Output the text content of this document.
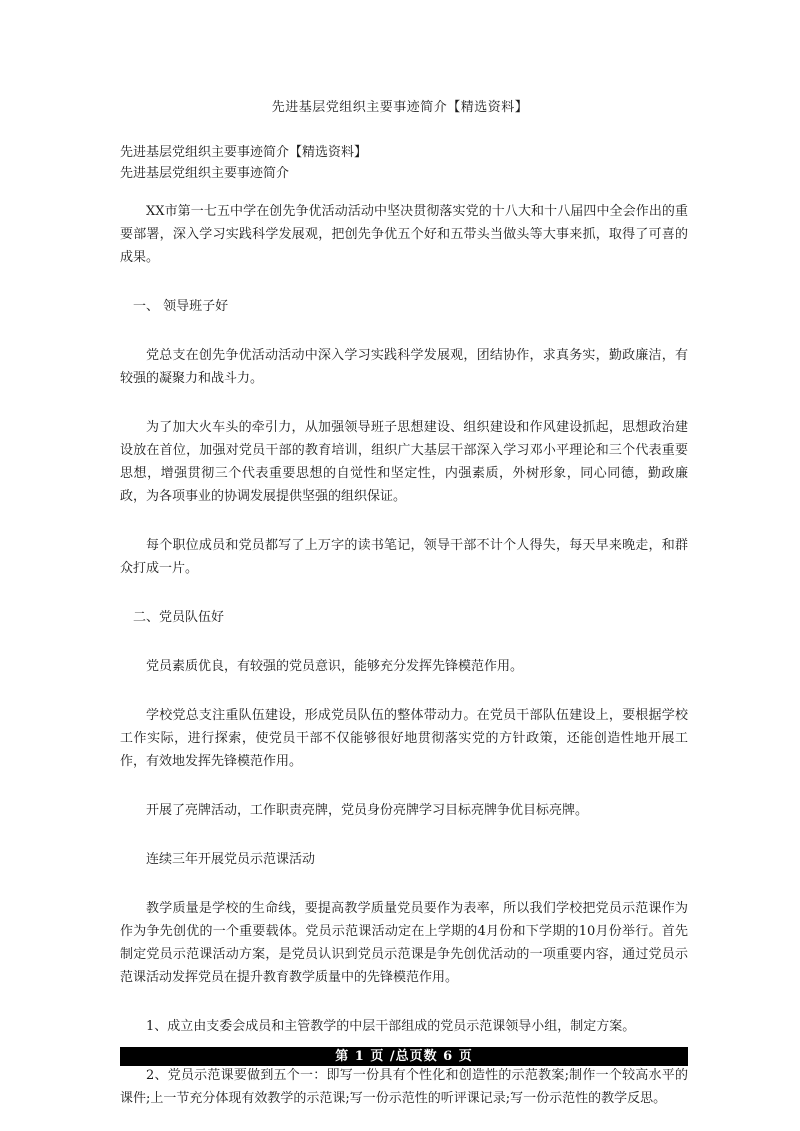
先进基层党组织主要事迹简介【精选资料】
先进基层党组织主要事迹简介【精选资料】
先进基层党组织主要事迹简介

XX市第一七五中学在创先争优活动活动中坚决贯彻落实党的十八大和十八届四中全会作出的重要部署，深入学习实践科学发展观，把创先争优五个好和五带头当做头等大事来抓，取得了可喜的成果。

一、 领导班子好

党总支在创先争优活动活动中深入学习实践科学发展观，团结协作，求真务实，勤政廉洁，有较强的凝聚力和战斗力。

为了加大火车头的牵引力，从加强领导班子思想建设、组织建设和作风建设抓起，思想政治建设放在首位，加强对党员干部的教育培训，组织广大基层干部深入学习邓小平理论和三个代表重要思想，增强贯彻三个代表重要思想的自觉性和坚定性，内强素质，外树形象，同心同德，勤政廉政，为各项事业的协调发展提供坚强的组织保证。

每个职位成员和党员都写了上万字的读书笔记，领导干部不计个人得失，每天早来晚走，和群众打成一片。

二、党员队伍好

党员素质优良，有较强的党员意识，能够充分发挥先锋模范作用。

学校党总支注重队伍建设，形成党员队伍的整体带动力。在党员干部队伍建设上，要根据学校工作实际，进行探索，使党员干部不仅能够很好地贯彻落实党的方针政策，还能创造性地开展工作，有效地发挥先锋模范作用。

开展了亮牌活动，工作职责亮牌，党员身份亮牌学习目标亮牌争优目标亮牌。

连续三年开展党员示范课活动

教学质量是学校的生命线，要提高教学质量党员要作为表率，所以我们学校把党员示范课作为作为争先创优的一个重要载体。党员示范课活动定在上学期的4月份和下学期的10月份举行。首先制定党员示范课活动方案，是党员认识到党员示范课是争先创优活动的一项重要内容，通过党员示范课活动发挥党员在提升教育教学质量中的先锋模范作用。

1、成立由支委会成员和主管教学的中层干部组成的党员示范课领导小组，制定方案。

2、党员示范课要做到五个一：即写一份具有个性化和创造性的示范教案;制作一个较高水平的课件;上一节充分体现有效教学的示范课;写一份示范性的听评课记录;写一份示范性的教学反思。

第 1 页 /总页数 6 页
